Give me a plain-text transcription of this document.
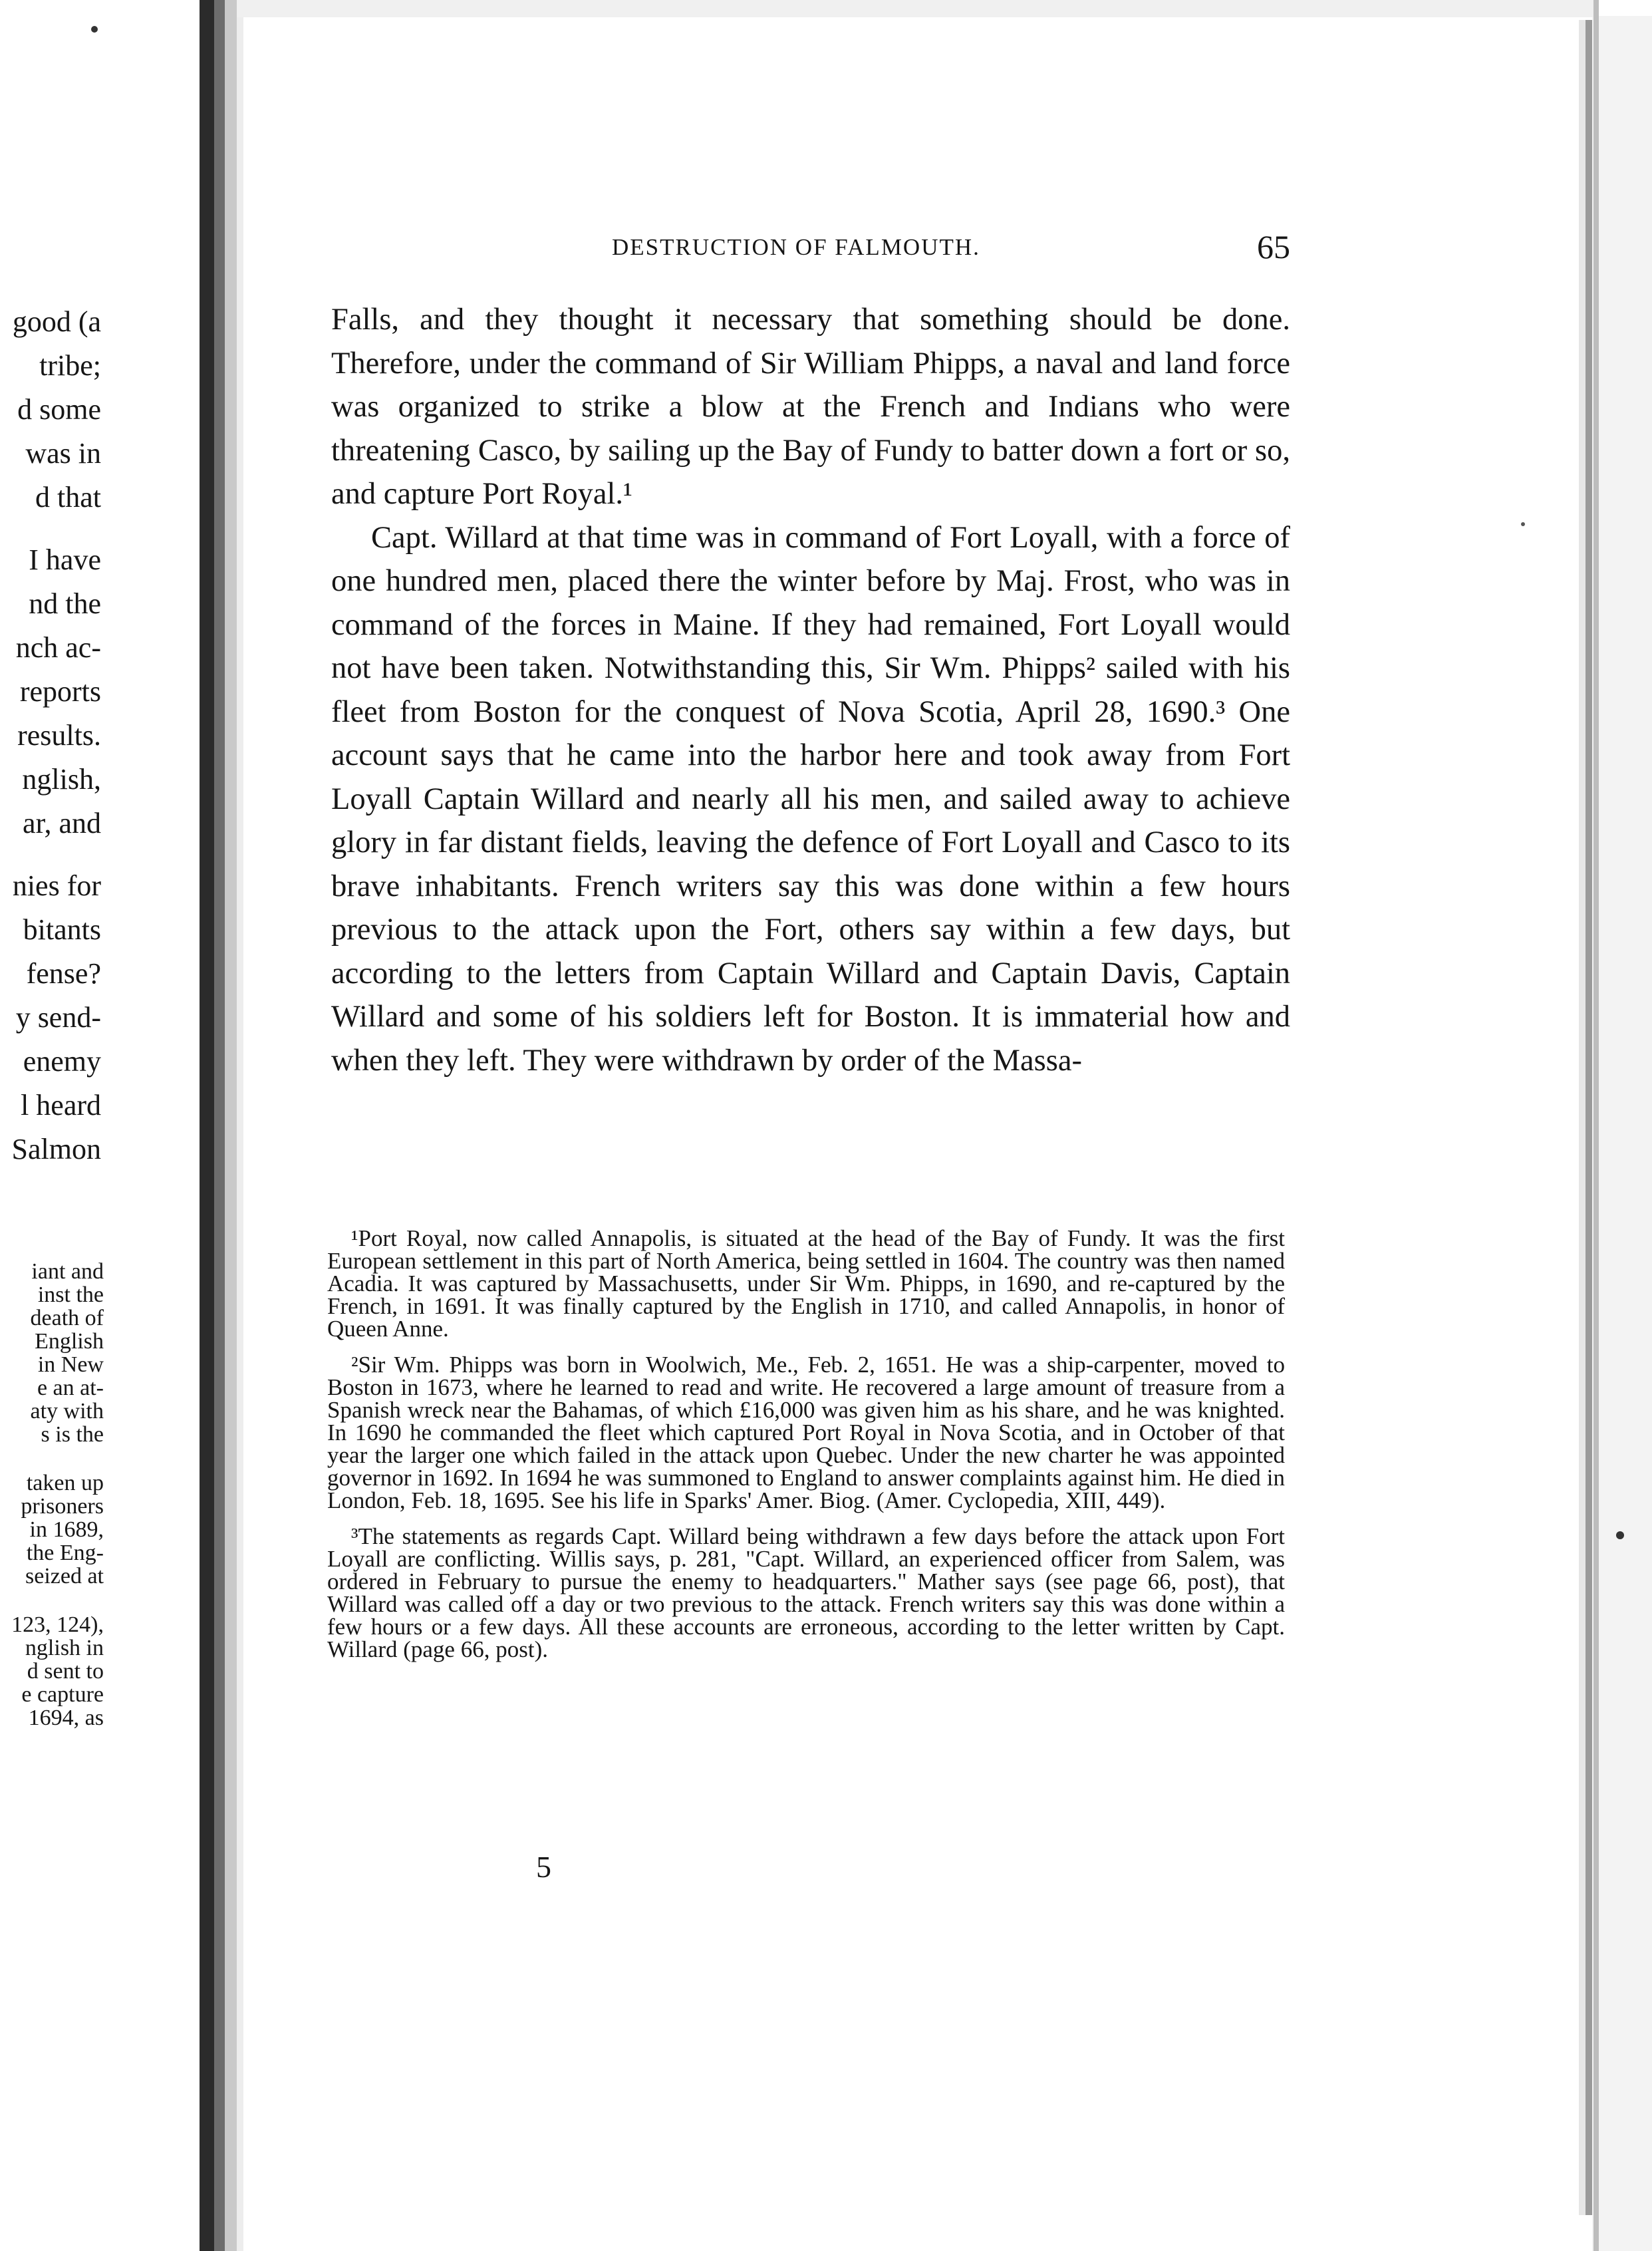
good (a
tribe;
d some
was in
d that
I have
nd the
nch ac-
reports
results.
nglish,
ar, and
nies for
bitants
fense?
y send-
enemy
l heard
Salmon
iant and
inst the
death of
English
in New
e an at-
aty with
s is the
taken up
prisoners
in 1689,
the Eng-
seized at
123, 124),
nglish in
d sent to
e capture
1694, as
DESTRUCTION OF FALMOUTH.	65

Falls, and they thought it necessary that something should be done. Therefore, under the command of Sir William Phipps, a naval and land force was organized to strike a blow at the French and Indians who were threatening Casco, by sailing up the Bay of Fundy to batter down a fort or so, and capture Port Royal.¹

Capt. Willard at that time was in command of Fort Loyall, with a force of one hundred men, placed there the winter before by Maj. Frost, who was in command of the forces in Maine. If they had remained, Fort Loyall would not have been taken. Notwithstanding this, Sir Wm. Phipps² sailed with his fleet from Boston for the conquest of Nova Scotia, April 28, 1690.³ One account says that he came into the harbor here and took away from Fort Loyall Captain Willard and nearly all his men, and sailed away to achieve glory in far distant fields, leaving the defence of Fort Loyall and Casco to its brave inhabitants. French writers say this was done within a few hours previous to the attack upon the Fort, others say within a few days, but according to the letters from Captain Willard and Captain Davis, Captain Willard and some of his soldiers left for Boston. It is immaterial how and when they left. They were withdrawn by order of the Massa-

¹Port Royal, now called Annapolis, is situated at the head of the Bay of Fundy. It was the first European settlement in this part of North America, being settled in 1604. The country was then named Acadia. It was captured by Massachusetts, under Sir Wm. Phipps, in 1690, and re-captured by the French, in 1691. It was finally captured by the English in 1710, and called Annapolis, in honor of Queen Anne.

²Sir Wm. Phipps was born in Woolwich, Me., Feb. 2, 1651. He was a ship-carpenter, moved to Boston in 1673, where he learned to read and write. He recovered a large amount of treasure from a Spanish wreck near the Bahamas, of which £16,000 was given him as his share, and he was knighted. In 1690 he commanded the fleet which captured Port Royal in Nova Scotia, and in October of that year the larger one which failed in the attack upon Quebec. Under the new charter he was appointed governor in 1692. In 1694 he was summoned to England to answer complaints against him. He died in London, Feb. 18, 1695. See his life in Sparks' Amer. Biog. (Amer. Cyclopedia, XIII, 449).

³The statements as regards Capt. Willard being withdrawn a few days before the attack upon Fort Loyall are conflicting. Willis says, p. 281, "Capt. Willard, an experienced officer from Salem, was ordered in February to pursue the enemy to headquarters." Mather says (see page 66, post), that Willard was called off a day or two previous to the attack. French writers say this was done within a few hours or a few days. All these accounts are erroneous, according to the letter written by Capt. Willard (page 66, post).

5
